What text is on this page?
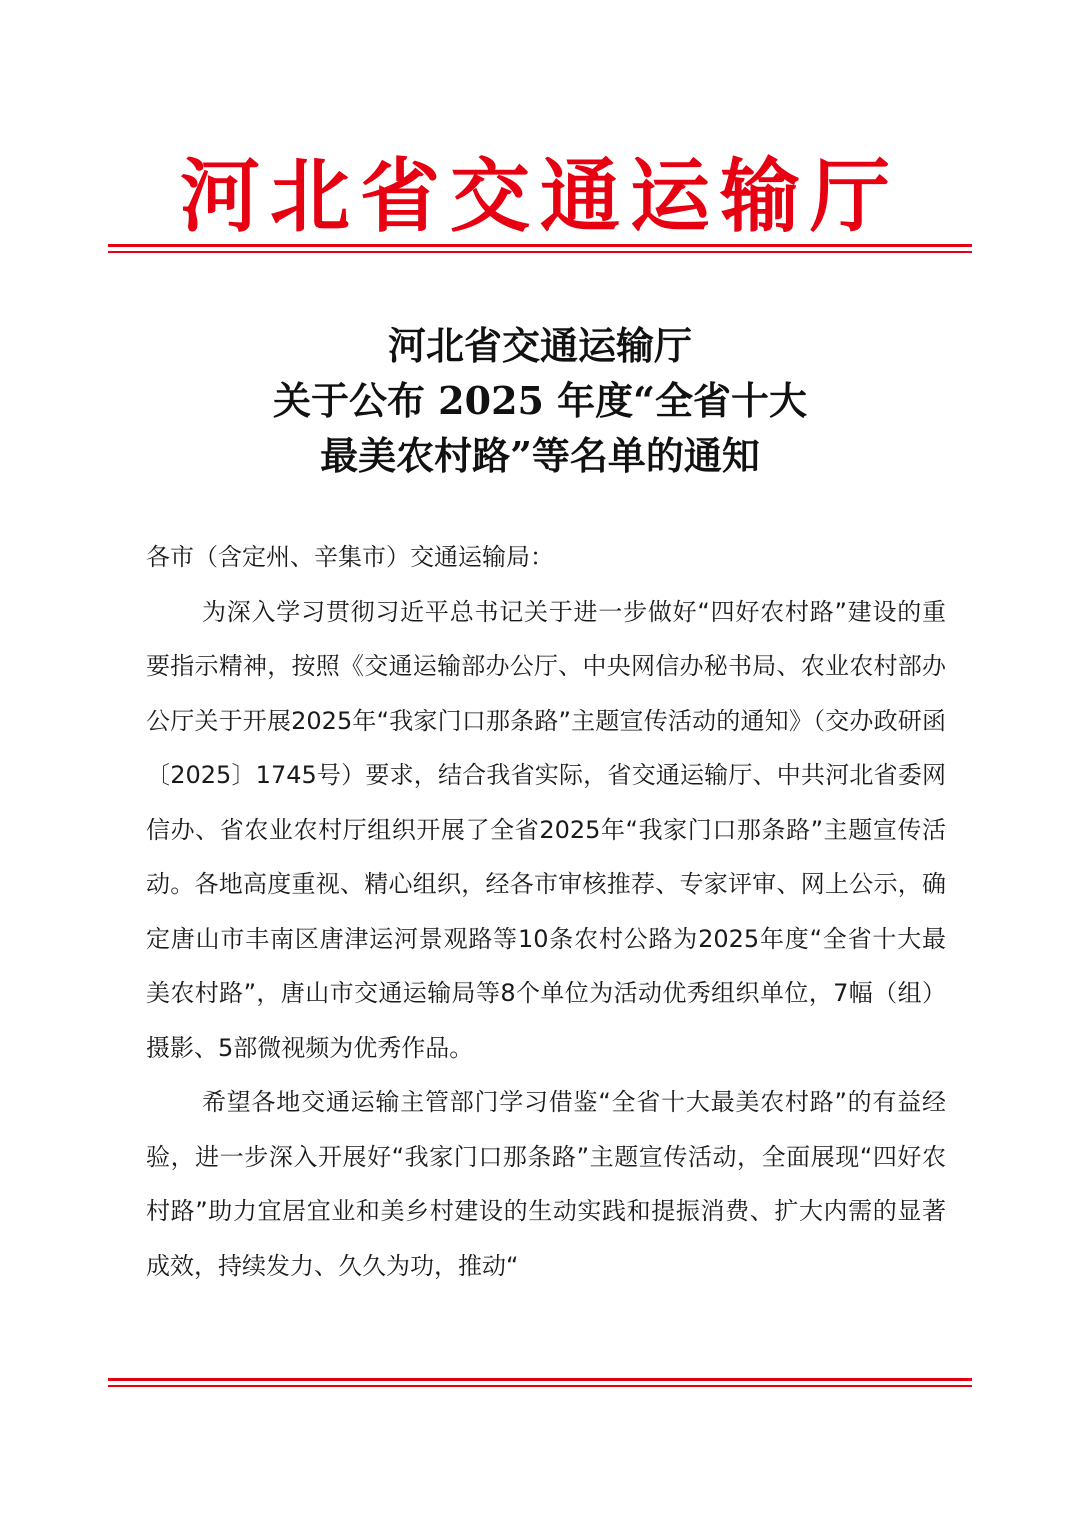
河北省交通运输厅
河北省交通运输厅
关于公布 2025 年度“全省十大
最美农村路”等名单的通知

各市（含定州、辛集市）交通运输局：

为深入学习贯彻习近平总书记关于进一步做好“四好农村路”建设的重要指示精神，按照《交通运输部办公厅、中央网信办秘书局、农业农村部办公厅关于开展2025年“我家门口那条路”主题宣传活动的通知》（交办政研函〔2025〕1745号）要求，结合我省实际，省交通运输厅、中共河北省委网信办、省农业农村厅组织开展了全省2025年“我家门口那条路”主题宣传活动。各地高度重视、精心组织，经各市审核推荐、专家评审、网上公示，确定唐山市丰南区唐津运河景观路等10条农村公路为2025年度“全省十大最美农村路”，唐山市交通运输局等8个单位为活动优秀组织单位，7幅（组）摄影、5部微视频为优秀作品。

希望各地交通运输主管部门学习借鉴“全省十大最美农村路”的有益经验，进一步深入开展好“我家门口那条路”主题宣传活动，全面展现“四好农村路”助力宜居宜业和美乡村建设的生动实践和提振消费、扩大内需的显著成效，持续发力、久久为功，推动“
